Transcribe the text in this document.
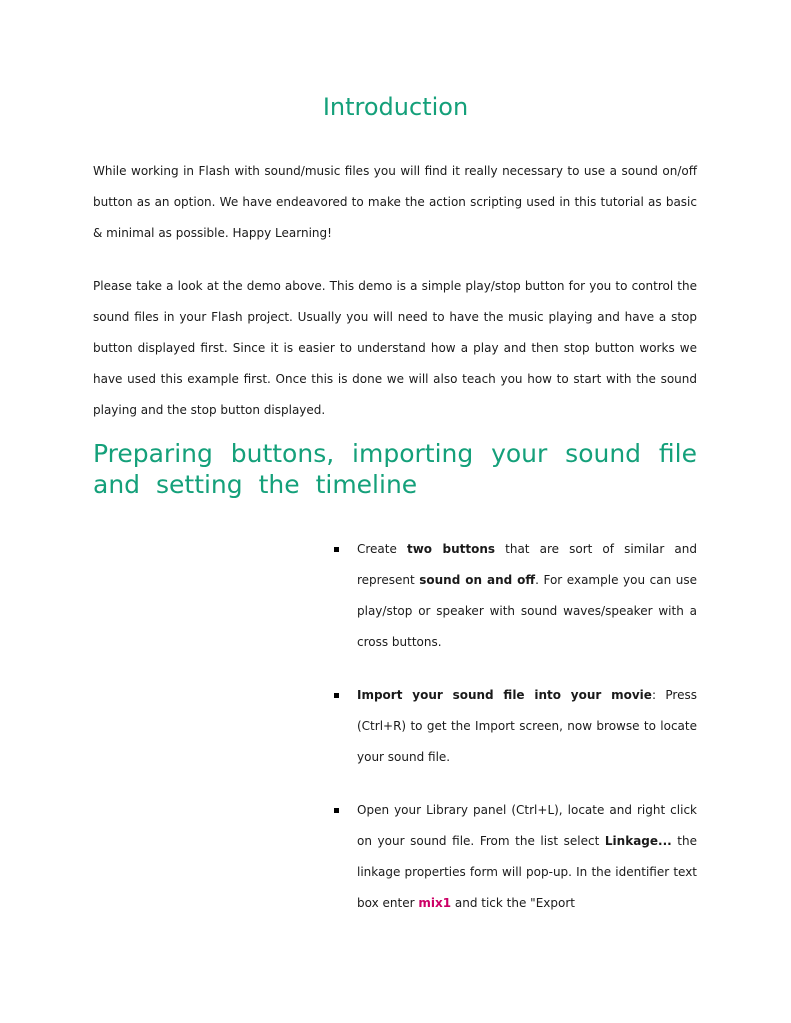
Introduction

While working in Flash with sound/music files you will find it really necessary to use a sound on/off button as an option. We have endeavored to make the action scripting used in this tutorial as basic & minimal as possible. Happy Learning!

Please take a look at the demo above. This demo is a simple play/stop button for you to control the sound files in your Flash project. Usually you will need to have the music playing and have a stop button displayed first. Since it is easier to understand how a play and then stop button works we have used this example first. Once this is done we will also teach you how to start with the sound playing and the stop button displayed.

Preparing buttons, importing your sound file and setting the timeline
Create two buttons that are sort of similar and represent sound on and off. For example you can use play/stop or speaker with sound waves/speaker with a cross buttons.
Import your sound file into your movie: Press (Ctrl+R) to get the Import screen, now browse to locate your sound file.
Open your Library panel (Ctrl+L), locate and right click on your sound file. From the list select Linkage... the linkage properties form will pop-up. In the identifier text box enter mix1 and tick the "Export
